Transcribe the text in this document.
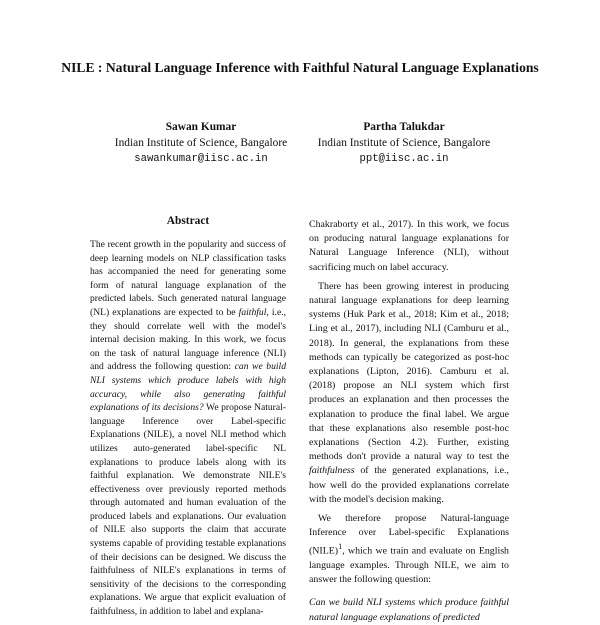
NILE : Natural Language Inference with Faithful Natural Language Explanations
Sawan Kumar
Indian Institute of Science, Bangalore
sawankumar@iisc.ac.in
Partha Talukdar
Indian Institute of Science, Bangalore
ppt@iisc.ac.in
Abstract

The recent growth in the popularity and success of deep learning models on NLP classification tasks has accompanied the need for generating some form of natural language explanation of the predicted labels. Such generated natural language (NL) explanations are expected to be faithful, i.e., they should correlate well with the model's internal decision making. In this work, we focus on the task of natural language inference (NLI) and address the following question: can we build NLI systems which produce labels with high accuracy, while also generating faithful explanations of its decisions? We propose Natural-language Inference over Label-specific Explanations (NILE), a novel NLI method which utilizes auto-generated label-specific NL explanations to produce labels along with its faithful explanation. We demonstrate NILE's effectiveness over previously reported methods through automated and human evaluation of the produced labels and explanations. Our evaluation of NILE also supports the claim that accurate systems capable of providing testable explanations of their decisions can be designed. We discuss the faithfulness of NILE's explanations in terms of sensitivity of the decisions to the corresponding explanations. We argue that explicit evaluation of faithfulness, in addition to label and explana-

Chakraborty et al., 2017). In this work, we focus on producing natural language explanations for Natural Language Inference (NLI), without sacrificing much on label accuracy.

There has been growing interest in producing natural language explanations for deep learning systems (Huk Park et al., 2018; Kim et al., 2018; Ling et al., 2017), including NLI (Camburu et al., 2018). In general, the explanations from these methods can typically be categorized as post-hoc explanations (Lipton, 2016). Camburu et al. (2018) propose an NLI system which first produces an explanation and then processes the explanation to produce the final label. We argue that these explanations also resemble post-hoc explanations (Section 4.2). Further, existing methods don't provide a natural way to test the faithfulness of the generated explanations, i.e., how well do the provided explanations correlate with the model's decision making.

We therefore propose Natural-language Inference over Label-specific Explanations (NILE)$^1$, which we train and evaluate on English language examples. Through NILE, we aim to answer the following question:

Can we build NLI systems which produce faithful natural language explanations of predicted
